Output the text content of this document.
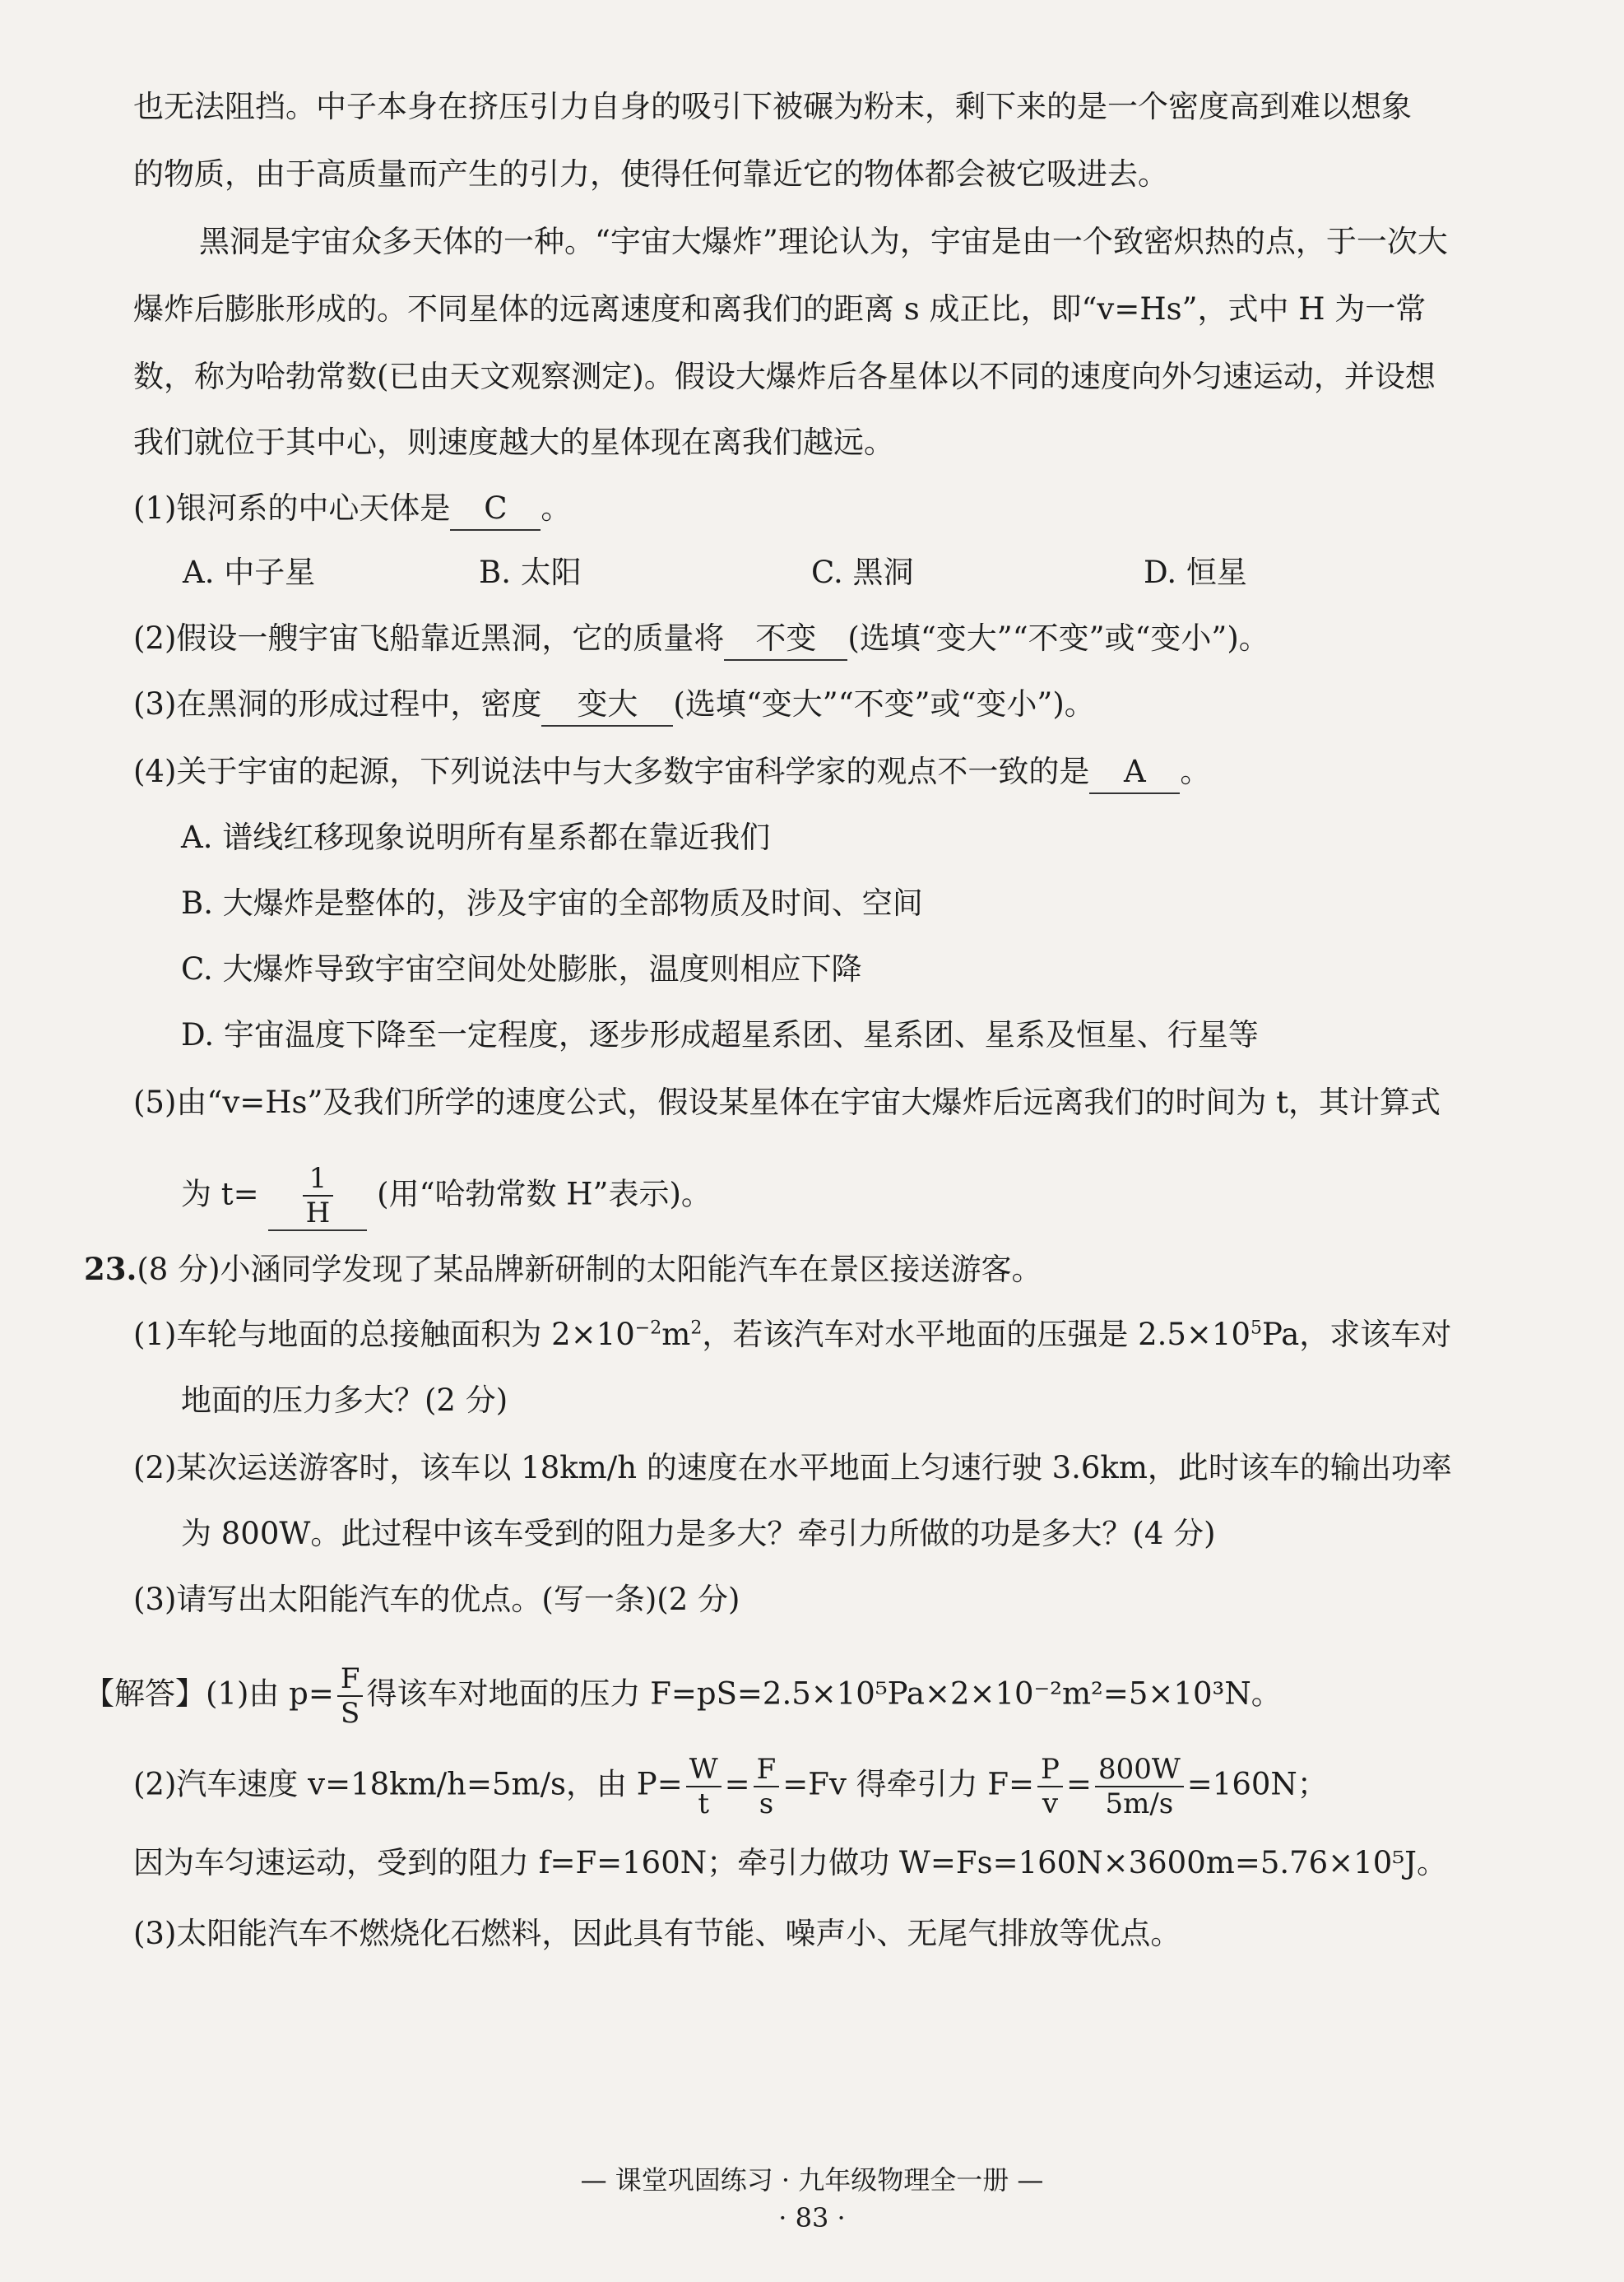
也无法阻挡。中子本身在挤压引力自身的吸引下被碾为粉末，剩下来的是一个密度高到难以想象
的物质，由于高质量而产生的引力，使得任何靠近它的物体都会被它吸进去。
黑洞是宇宙众多天体的一种。“宇宙大爆炸”理论认为，宇宙是由一个致密炽热的点，于一次大
爆炸后膨胀形成的。不同星体的远离速度和离我们的距离 s 成正比，即“v=Hs”，式中 H 为一常
数，称为哈勃常数(已由天文观察测定)。假设大爆炸后各星体以不同的速度向外匀速运动，并设想
我们就位于其中心，则速度越大的星体现在离我们越远。
(1)银河系的中心天体是 C 。
A. 中子星	B. 太阳	C. 黑洞	D. 恒星
(2)假设一艘宇宙飞船靠近黑洞，它的质量将 不变 (选填“变大”“不变”或“变小”)。
(3)在黑洞的形成过程中，密度 变大 (选填“变大”“不变”或“变小”)。
(4)关于宇宙的起源，下列说法中与大多数宇宙科学家的观点不一致的是 A 。
A. 谱线红移现象说明所有星系都在靠近我们
B. 大爆炸是整体的，涉及宇宙的全部物质及时间、空间
C. 大爆炸导致宇宙空间处处膨胀，温度则相应下降
D. 宇宙温度下降至一定程度，逐步形成超星系团、星系团、星系及恒星、行星等
(5)由“v=Hs”及我们所学的速度公式，假设某星体在宇宙大爆炸后远离我们的时间为 t，其计算式
为 $t= \frac{1}{H}$ (用“哈勃常数 H”表示)。
23.(8 分)小涵同学发现了某品牌新研制的太阳能汽车在景区接送游客。
(1)车轮与地面的总接触面积为 $2\times 10^{-2}m^2$，若该汽车对水平地面的压强是 $2.5\times 10^5Pa$，求该车对
地面的压力多大？(2 分)
(2)某次运送游客时，该车以 18km/h 的速度在水平地面上匀速行驶 3.6km，此时该车的输出功率
为 800W。此过程中该车受到的阻力是多大？牵引力所做的功是多大？(4 分)
(3)请写出太阳能汽车的优点。(写一条)(2 分)
【解答】(1)由 $p= \frac{F}{S}$ 得该车对地面的压力 F=pS=2.5×10⁵Pa×2×10⁻²m²=5×10³N。
(2)汽车速度 v=18km/h=5m/s，由 $P= \frac{W}{t} = \frac{F}{s} =Fv$ 得牵引力 $F= \frac{P}{v} = \frac{800W}{5m/s} =160N$；
因为车匀速运动，受到的阻力 f=F=160N；牵引力做功 W=Fs=160N×3600m=5.76×10⁵J。
(3)太阳能汽车不燃烧化石燃料，因此具有节能、噪声小、无尾气排放等优点。
— 课堂巩固练习 · 九年级物理全一册 —
· 83 ·
